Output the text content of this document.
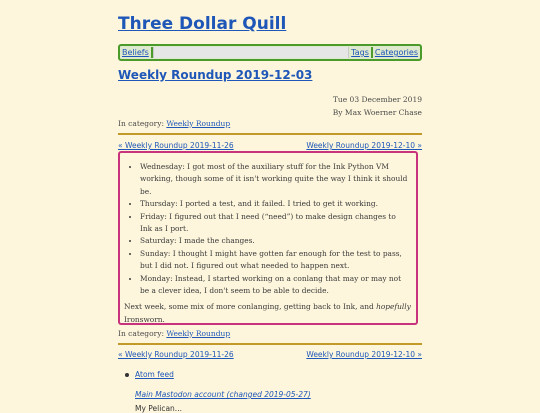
Three Dollar Quill
Beliefs	Tags Categories
Weekly Roundup 2019-12-03
Tue 03 December 2019
By Max Woerner Chase
In category: Weekly Roundup
« Weekly Roundup 2019-11-26	Weekly Roundup 2019-12-10 »
• Wednesday: I got most of the auxiliary stuff for the Ink Python VM working, though some of it isn't working quite the way I think it should be.
• Thursday: I ported a test, and it failed. I tried to get it working.
• Friday: I figured out that I need (“need”) to make design changes to Ink as I port.
• Saturday: I made the changes.
• Sunday: I thought I might have gotten far enough for the test to pass, but I did not. I figured out what needed to happen next.
• Monday: Instead, I started working on a conlang that may or may not be a clever idea, I don't seem to be able to decide.

Next week, some mix of more conlanging, getting back to Ink, and hopefully Ironsworn.

In category: Weekly Roundup
« Weekly Roundup 2019-11-26	Weekly Roundup 2019-12-10 »
Atom feed
Main Mastodon account (changed 2019-05-27)
My Pelican...
